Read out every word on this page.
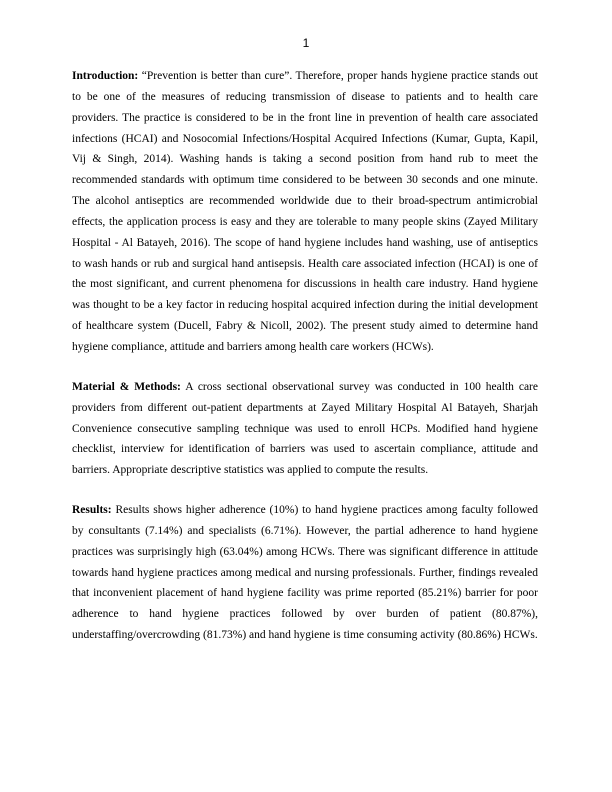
1

Introduction: “Prevention is better than cure”. Therefore, proper hands hygiene practice stands out to be one of the measures of reducing transmission of disease to patients and to health care providers. The practice is considered to be in the front line in prevention of health care associated infections (HCAI) and Nosocomial Infections/Hospital Acquired Infections (Kumar, Gupta, Kapil, Vij & Singh, 2014). Washing hands is taking a second position from hand rub to meet the recommended standards with optimum time considered to be between 30 seconds and one minute. The alcohol antiseptics are recommended worldwide due to their broad-spectrum antimicrobial effects, the application process is easy and they are tolerable to many people skins (Zayed Military Hospital - Al Batayeh, 2016). The scope of hand hygiene includes hand washing, use of antiseptics to wash hands or rub and surgical hand antisepsis. Health care associated infection (HCAI) is one of the most significant, and current phenomena for discussions in health care industry. Hand hygiene was thought to be a key factor in reducing hospital acquired infection during the initial development of healthcare system (Ducell, Fabry & Nicoll, 2002). The present study aimed to determine hand hygiene compliance, attitude and barriers among health care workers (HCWs).

Material & Methods: A cross sectional observational survey was conducted in 100 health care providers from different out-patient departments at Zayed Military Hospital Al Batayeh, Sharjah Convenience consecutive sampling technique was used to enroll HCPs. Modified hand hygiene checklist, interview for identification of barriers was used to ascertain compliance, attitude and barriers. Appropriate descriptive statistics was applied to compute the results.

Results: Results shows higher adherence (10%) to hand hygiene practices among faculty followed by consultants (7.14%) and specialists (6.71%). However, the partial adherence to hand hygiene practices was surprisingly high (63.04%) among HCWs. There was significant difference in attitude towards hand hygiene practices among medical and nursing professionals. Further, findings revealed that inconvenient placement of hand hygiene facility was prime reported (85.21%) barrier for poor adherence to hand hygiene practices followed by over burden of patient (80.87%), understaffing/overcrowding (81.73%) and hand hygiene is time consuming activity (80.86%) HCWs.
